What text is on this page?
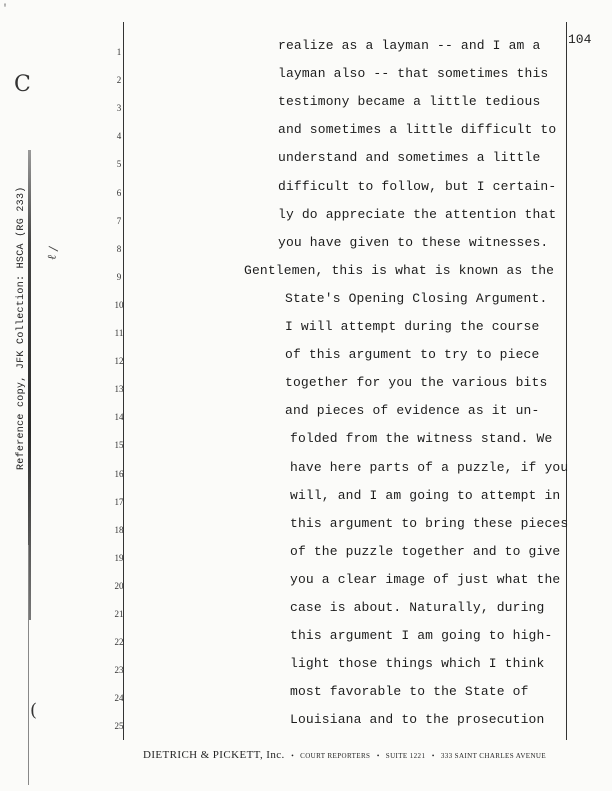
'
C
(
ℓ /
Reference copy, JFK Collection: HSCA (RG 233)
104
1	realize as a layman -- and I am a
2	layman also -- that sometimes this
3	testimony became a little tedious
4	and sometimes a little difficult to
5	understand and sometimes a little
6	difficult to follow, but I certain-
7	ly do appreciate the attention that
8	you have given to these witnesses.
9	Gentlemen, this is what is known as the
10	State's Opening Closing Argument.
11	I will attempt during the course
12	of this argument to try to piece
13	together for you the various bits
14	and pieces of evidence as it un-
15	folded from the witness stand. We
16	have here parts of a puzzle, if you
17	will, and I am going to attempt in
18	this argument to bring these pieces
19	of the puzzle together and to give
20	you a clear image of just what the
21	case is about. Naturally, during
22	this argument I am going to high-
23	light those things which I think
24	most favorable to the State of
25	Louisiana and to the prosecution
DIETRICH & PICKETT, Inc. • COURT REPORTERS • SUITE 1221 • 333 SAINT CHARLES AVENUE
